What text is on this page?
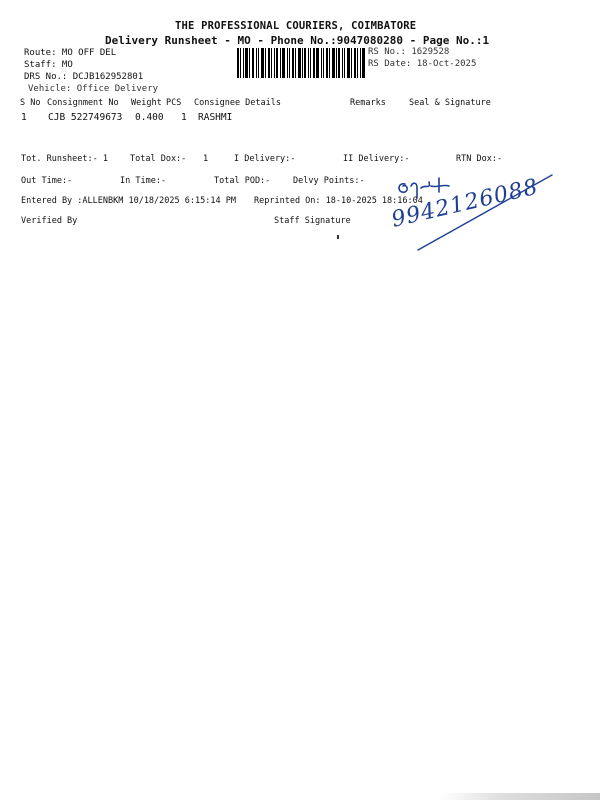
THE PROFESSIONAL COURIERS, COIMBATORE
Delivery Runsheet - MO - Phone No.:9047080280 - Page No.:1
Route: MO OFF DEL
Staff: MO
DRS No.: DCJB162952801
Vehicle: Office Delivery
RS No.: 1629528
RS Date: 18-Oct-2025
S No Consignment No Weight PCS Consignee Details	Remarks	Seal & Signature
1 CJB 522749673 0.400 1 RASHMI
Tot. Runsheet:- 1	Total Dox:- 1	I Delivery:-	II Delivery:-	RTN Dox:-
Out Time:-	In Time:-	Total POD:-	Delvy Points:-
Entered By :ALLENBKM 10/18/2025 6:15:14 PM Reprinted On: 18-10-2025 18:16:04
Verified By	Staff Signature 9942126088
